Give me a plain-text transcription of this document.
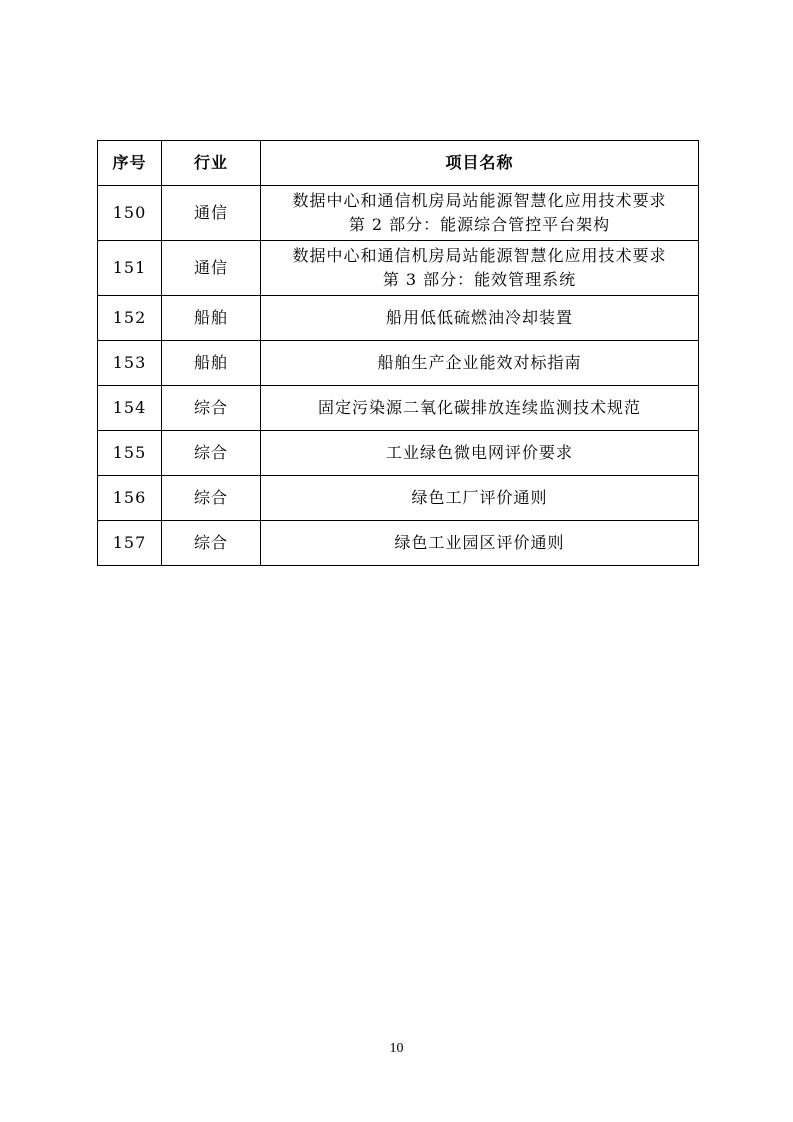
序号	行业	项目名称
150	通信	数据中心和通信机房局站能源智慧化应用技术要求
第 2 部分：能源综合管控平台架构

151	通信	数据中心和通信机房局站能源智慧化应用技术要求
第 3 部分：能效管理系统

152	船舶	船用低低硫燃油冷却装置
153	船舶	船舶生产企业能效对标指南
154	综合	固定污染源二氧化碳排放连续监测技术规范
155	综合	工业绿色微电网评价要求
156	综合	绿色工厂评价通则
157	综合	绿色工业园区评价通则
10
